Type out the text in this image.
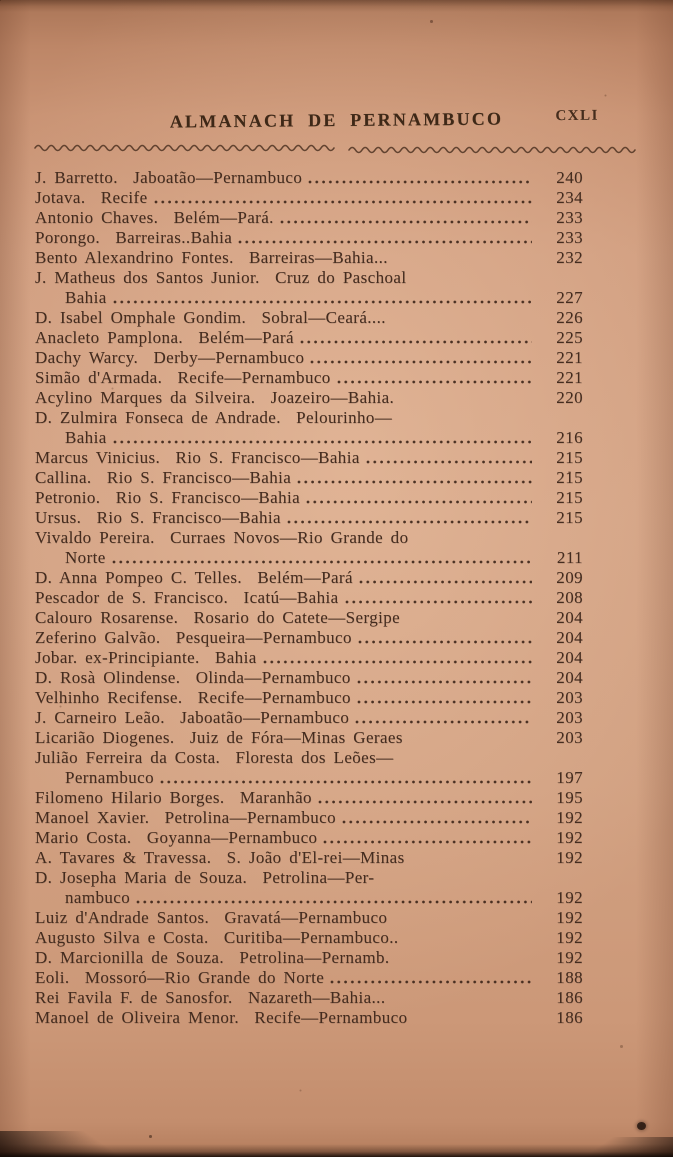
ALMANACH DE PERNAMBUCO	CXLI
J. Barretto.  Jaboatão—Pernambuco	240
Jotava.  Recife	234
Antonio Chaves.  Belém—Pará.	233
Porongo.  Barreiras..Bahia	233
Bento Alexandrino Fontes.  Barreiras—Bahia...	232
J. Matheus dos Santos Junior.  Cruz do Paschoal
Bahia	227
D. Isabel Omphale Gondim.  Sobral—Ceará....	226
Anacleto Pamplona.  Belém—Pará	225
Dachy Warcy.  Derby—Pernambuco	221
Simão d'Armada.  Recife—Pernambuco	221
Acylino Marques da Silveira.  Joazeiro—Bahia.	220
D. Zulmira Fonseca de Andrade.  Pelourinho—
Bahia	216
Marcus Vinicius.  Rio S. Francisco—Bahia	215
Callina.  Rio S. Francisco—Bahia	215
Petronio.  Rio S. Francisco—Bahia	215
Ursus.  Rio S. Francisco—Bahia	215
Vivaldo Pereira.  Curraes Novos—Rio Grande do
Norte	211
D. Anna Pompeo C. Telles.  Belém—Pará	209
Pescador de S. Francisco.  Icatú—Bahia	208
Calouro Rosarense.  Rosario do Catete—Sergipe	204
Zeferino Galvão.  Pesqueira—Pernambuco	204
Jobar. ex-Principiante.  Bahia	204
D. Rosà Olindense.  Olinda—Pernambuco	204
Velhinho Recifense.  Recife—Pernambuco	203
J. Carneiro Leão.  Jaboatão—Pernambuco	203
Licarião Diogenes.  Juiz de Fóra—Minas Geraes	203
Julião Ferreira da Costa.  Floresta dos Leões—
Pernambuco	197
Filomeno Hilario Borges.  Maranhão	195
Manoel Xavier.  Petrolina—Pernambuco	192
Mario Costa.  Goyanna—Pernambuco	192
A. Tavares & Travessa.  S. João d'El-rei—Minas	192
D. Josepha Maria de Souza.  Petrolina—Per-
nambuco	192
Luiz d'Andrade Santos.  Gravatá—Pernambuco	192
Augusto Silva e Costa.  Curitiba—Pernambuco..	192
D. Marcionilla de Souza.  Petrolina—Pernamb.	192
Eoli.  Mossoró—Rio Grande do Norte	188
Rei Favila F. de Sanosfor.  Nazareth—Bahia...	186
Manoel de Oliveira Menor.  Recife—Pernambuco	186
